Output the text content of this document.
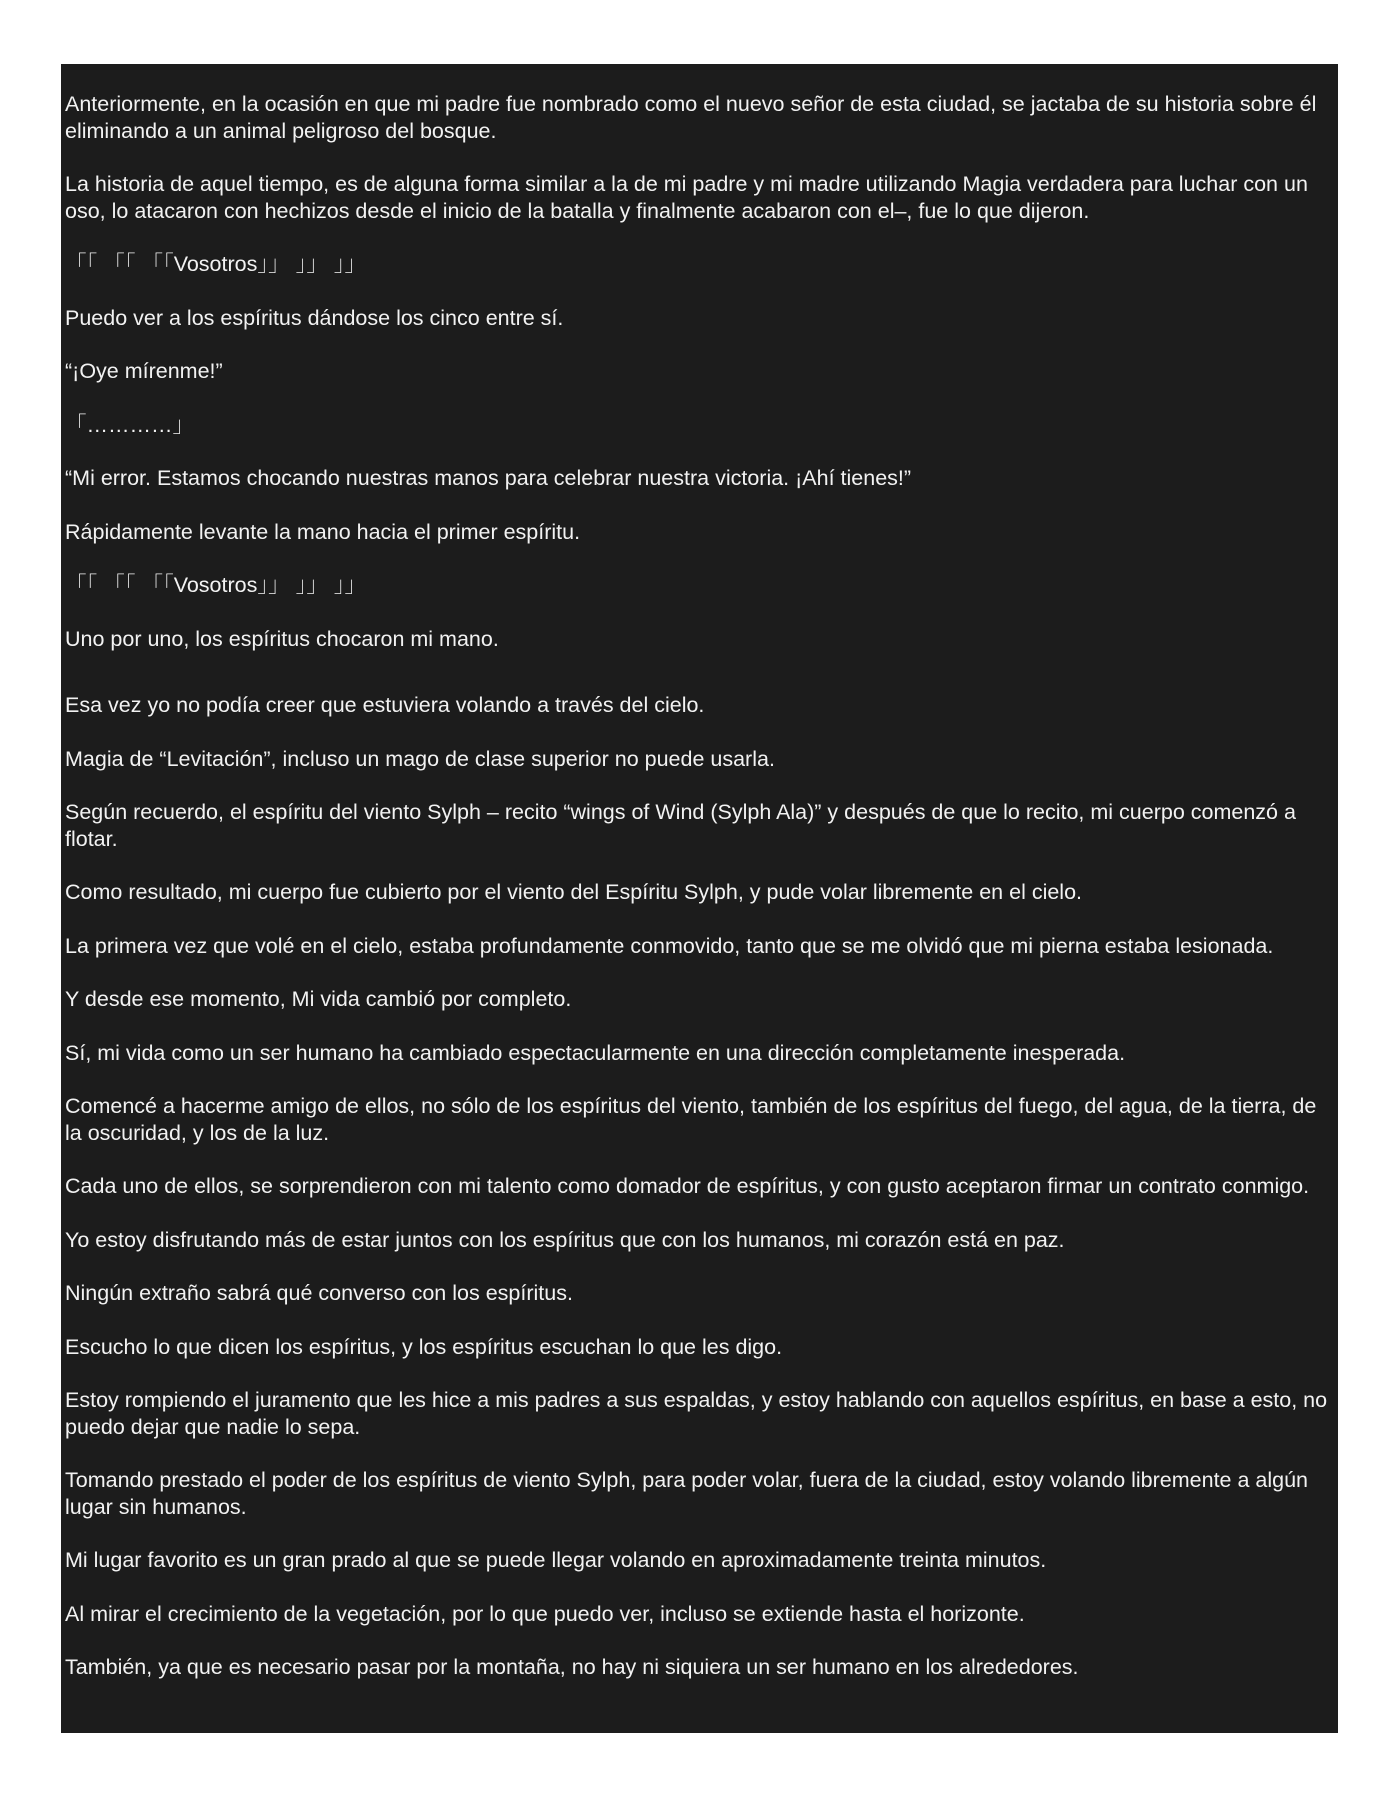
Anteriormente, en la ocasión en que mi padre fue nombrado como el nuevo señor de esta ciudad, se jactaba de su historia sobre él eliminando a un animal peligroso del bosque.

La historia de aquel tiempo, es de alguna forma similar a la de mi padre y mi madre utilizando Magia verdadera para luchar con un oso, lo atacaron con hechizos desde el inicio de la batalla y finalmente acabaron con el–, fue lo que dijeron.

「「 「「 「「Vosotros」」 」」 」」

Puedo ver a los espíritus dándose los cinco entre sí.

“¡Oye mírenme!”

「…………」

“Mi error. Estamos chocando nuestras manos para celebrar nuestra victoria. ¡Ahí tienes!”

Rápidamente levante la mano hacia el primer espíritu.

「「 「「 「「Vosotros」」 」」 」」

Uno por uno, los espíritus chocaron mi mano.

Esa vez yo no podía creer que estuviera volando a través del cielo.

Magia de “Levitación”, incluso un mago de clase superior no puede usarla.

Según recuerdo, el espíritu del viento Sylph – recito “wings of Wind (Sylph Ala)” y después de que lo recito, mi cuerpo comenzó a flotar.

Como resultado, mi cuerpo fue cubierto por el viento del Espíritu Sylph, y pude volar libremente en el cielo.

La primera vez que volé en el cielo, estaba profundamente conmovido, tanto que se me olvidó que mi pierna estaba lesionada.

Y desde ese momento, Mi vida cambió por completo.

Sí, mi vida como un ser humano ha cambiado espectacularmente en una dirección completamente inesperada.

Comencé a hacerme amigo de ellos, no sólo de los espíritus del viento, también de los espíritus del fuego, del agua, de la tierra, de la oscuridad, y los de la luz.

Cada uno de ellos, se sorprendieron con mi talento como domador de espíritus, y con gusto aceptaron firmar un contrato conmigo.

Yo estoy disfrutando más de estar juntos con los espíritus que con los humanos, mi corazón está en paz.

Ningún extraño sabrá qué converso con los espíritus.

Escucho lo que dicen los espíritus, y los espíritus escuchan lo que les digo.

Estoy rompiendo el juramento que les hice a mis padres a sus espaldas, y estoy hablando con aquellos espíritus, en base a esto, no puedo dejar que nadie lo sepa.

Tomando prestado el poder de los espíritus de viento Sylph, para poder volar, fuera de la ciudad, estoy volando libremente a algún lugar sin humanos.

Mi lugar favorito es un gran prado al que se puede llegar volando en aproximadamente treinta minutos.

Al mirar el crecimiento de la vegetación, por lo que puedo ver, incluso se extiende hasta el horizonte.

También, ya que es necesario pasar por la montaña, no hay ni siquiera un ser humano en los alrededores.
